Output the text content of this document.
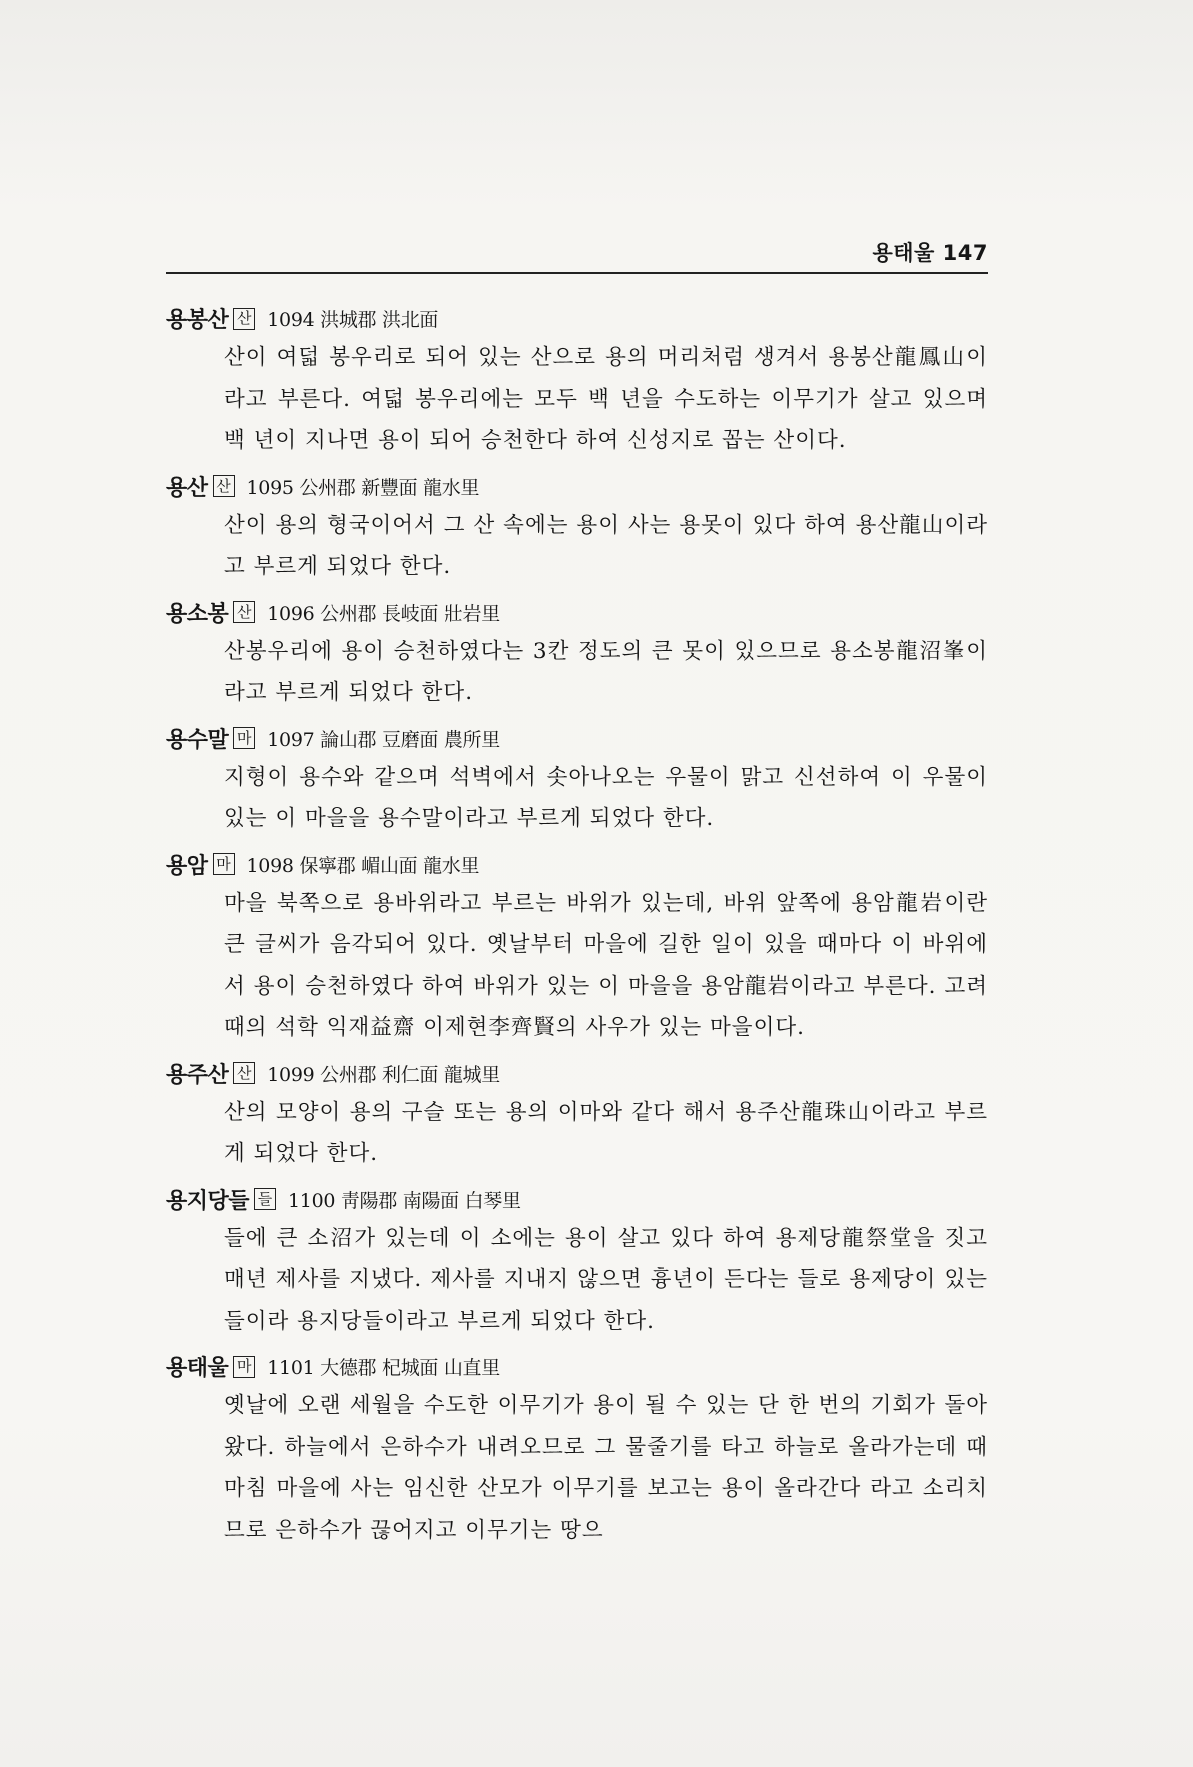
용태울 147
용봉산 산 1094 洪城郡 洪北面
산이 여덟 봉우리로 되어 있는 산으로 용의 머리처럼 생겨서 용봉산龍鳳山이라고 부른다. 여덟 봉우리에는 모두 백 년을 수도하는 이무기가 살고 있으며 백 년이 지나면 용이 되어 승천한다 하여 신성지로 꼽는 산이다.
용산 산 1095 公州郡 新豐面 龍水里
산이 용의 형국이어서 그 산 속에는 용이 사는 용못이 있다 하여 용산龍山이라고 부르게 되었다 한다.
용소봉 산 1096 公州郡 長岐面 壯岩里
산봉우리에 용이 승천하였다는 3칸 정도의 큰 못이 있으므로 용소봉龍沼峯이라고 부르게 되었다 한다.
용수말 마 1097 論山郡 豆磨面 農所里
지형이 용수와 같으며 석벽에서 솟아나오는 우물이 맑고 신선하여 이 우물이 있는 이 마을을 용수말이라고 부르게 되었다 한다.
용암 마 1098 保寧郡 嵋山面 龍水里
마을 북쪽으로 용바위라고 부르는 바위가 있는데, 바위 앞쪽에 용암龍岩이란 큰 글씨가 음각되어 있다. 옛날부터 마을에 길한 일이 있을 때마다 이 바위에서 용이 승천하였다 하여 바위가 있는 이 마을을 용암龍岩이라고 부른다. 고려 때의 석학 익재益齋 이제현李齊賢의 사우가 있는 마을이다.
용주산 산 1099 公州郡 利仁面 龍城里
산의 모양이 용의 구슬 또는 용의 이마와 같다 해서 용주산龍珠山이라고 부르게 되었다 한다.
용지당들 들 1100 靑陽郡 南陽面 白琴里
들에 큰 소沼가 있는데 이 소에는 용이 살고 있다 하여 용제당龍祭堂을 짓고 매년 제사를 지냈다. 제사를 지내지 않으면 흉년이 든다는 들로 용제당이 있는 들이라 용지당들이라고 부르게 되었다 한다.
용태울 마 1101 大德郡 杞城面 山直里
옛날에 오랜 세월을 수도한 이무기가 용이 될 수 있는 단 한 번의 기회가 돌아왔다. 하늘에서 은하수가 내려오므로 그 물줄기를 타고 하늘로 올라가는데 때마침 마을에 사는 임신한 산모가 이무기를 보고는 용이 올라간다 라고 소리치므로 은하수가 끊어지고 이무기는 땅으
